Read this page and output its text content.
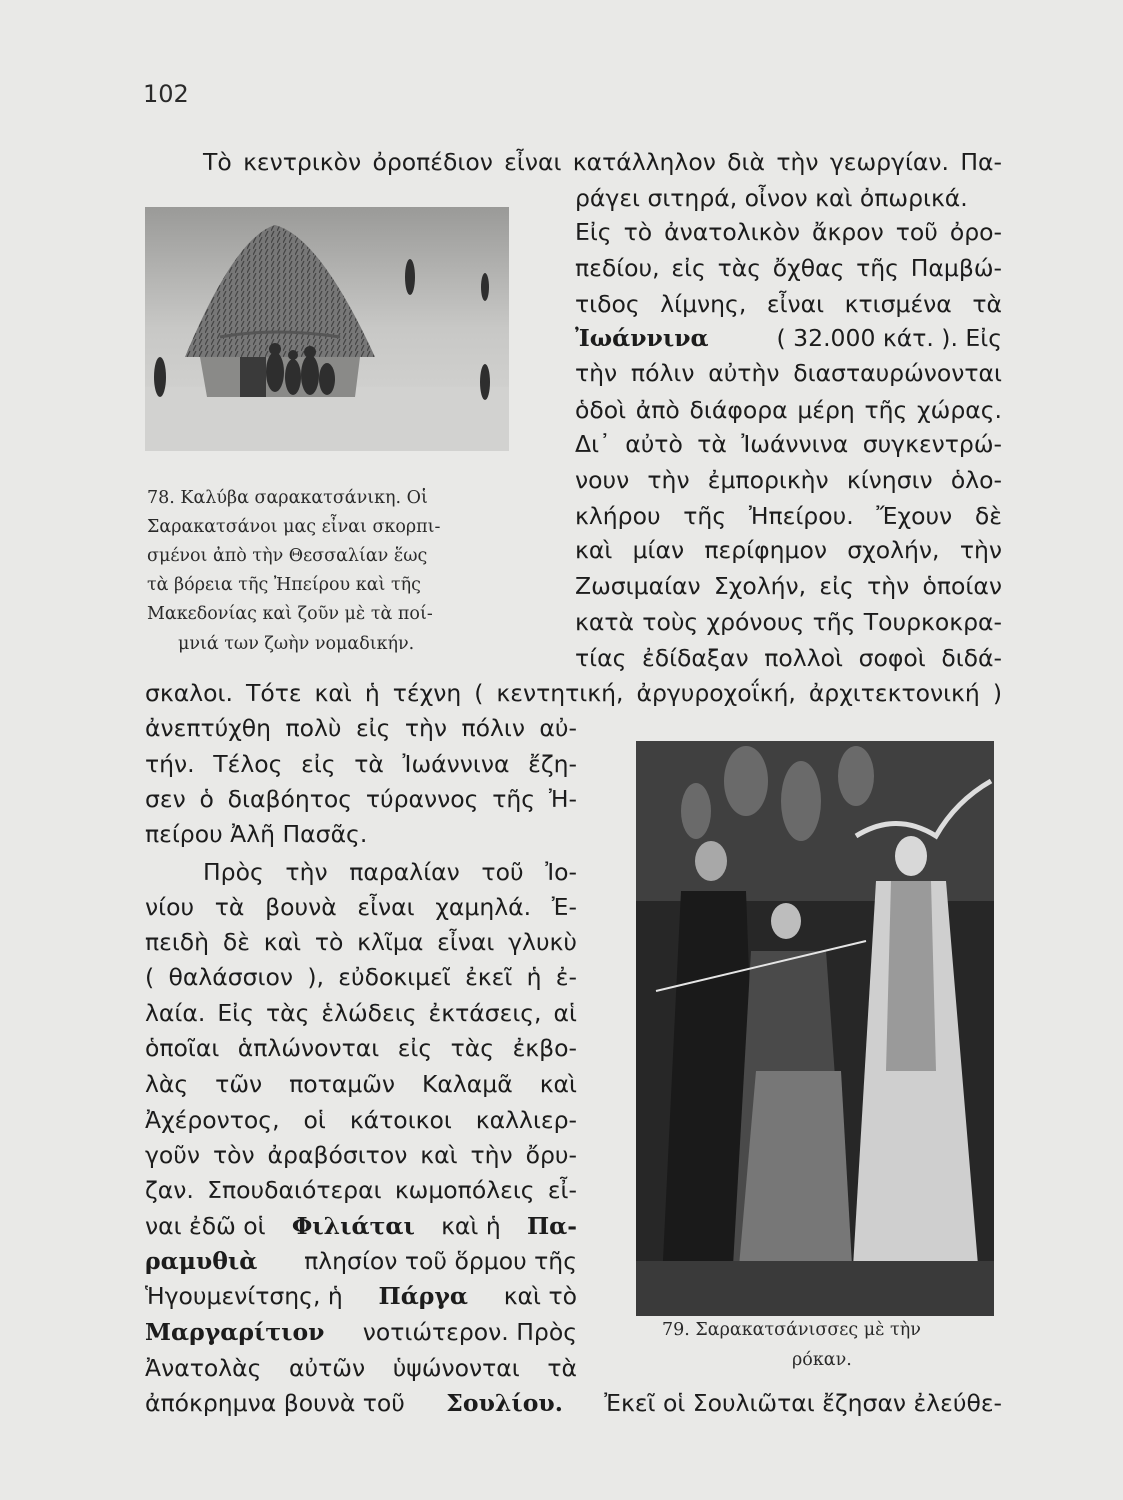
102
Τὸ κεντρικὸν ὀροπέδιον εἶναι κατάλληλον διὰ τὴν γεωργίαν. Πα-
ράγει σιτηρά, οἶνον καὶ ὀπωρικά.
Εἰς τὸ ἀνατολικὸν ἄκρον τοῦ ὀρο-
πεδίου, εἰς τὰς ὄχθας τῆς Παμβώ-
τιδος λίμνης, εἶναι κτισμένα τὰ
Ἰωάννινα	( 32.000 κάτ. ). Εἰς
τὴν πόλιν αὐτὴν διασταυρώνονται
ὁδοὶ ἀπὸ διάφορα μέρη τῆς χώρας.
Δι᾿ αὐτὸ τὰ Ἰωάννινα συγκεντρώ-
νουν τὴν ἐμπορικὴν κίνησιν ὁλο-
κλήρου τῆς Ἠπείρου. Ἔχουν δὲ
καὶ μίαν περίφημον σχολήν, τὴν
Ζωσιμαίαν Σχολήν, εἰς τὴν ὁποίαν
κατὰ τοὺς χρόνους τῆς Τουρκοκρα-
τίας ἐδίδαξαν πολλοὶ σοφοὶ διδά-
σκαλοι. Τότε καὶ ἡ τέχνη ( κεντητική, ἀργυροχοΐκή, ἀρχιτεκτονική )
ἀνεπτύχθη πολὺ εἰς τὴν πόλιν αὐ-
τήν. Τέλος εἰς τὰ Ἰωάννινα ἔζη-
σεν ὁ διαβόητος τύραννος τῆς Ἠ-
πείρου Ἀλῆ Πασᾶς.
Πρὸς τὴν παραλίαν τοῦ Ἰο-
νίου τὰ βουνὰ εἶναι χαμηλά. Ἐ-
πειδὴ δὲ καὶ τὸ κλῖμα εἶναι γλυκὺ
( θαλάσσιον ), εὐδοκιμεῖ ἐκεῖ ἡ ἐ-
λαία. Εἰς τὰς ἑλώδεις ἐκτάσεις, αἱ
ὁποῖαι ἁπλώνονται εἰς τὰς ἐκβο-
λὰς τῶν ποταμῶν Καλαμᾶ καὶ
Ἀχέροντος, οἱ κάτοικοι καλλιερ-
γοῦν τὸν ἀραβόσιτον καὶ τὴν ὄρυ-
ζαν. Σπουδαιότεραι κωμοπόλεις εἶ-
ναι ἐδῶ οἱ Φιλιάται καὶ ἡ Πα-
ραμυθιὰ πλησίον τοῦ ὅρμου τῆς
Ἡγουμενίτσης, ἡ Πάργα καὶ τὸ
Μαργαρίτιον νοτιώτερον. Πρὸς
Ἀνατολὰς αὐτῶν ὑψώνονται τὰ
ἀπόκρημνα βουνὰ τοῦ Σουλίου. Ἐκεῖ οἱ Σουλιῶται ἔζησαν ἐλεύθε-
78. Καλύβα σαρακατσάνικη. Οἱ
Σαρακατσάνοι μας εἶναι σκορπι-
σμένοι ἀπὸ τὴν Θεσσαλίαν ἕως
τὰ βόρεια τῆς Ἠπείρου καὶ τῆς
Μακεδονίας καὶ ζοῦν μὲ τὰ ποί-
μνιά των ζωὴν νομαδικήν.
79. Σαρακατσάνισσες μὲ τὴν
ρόκαν.
